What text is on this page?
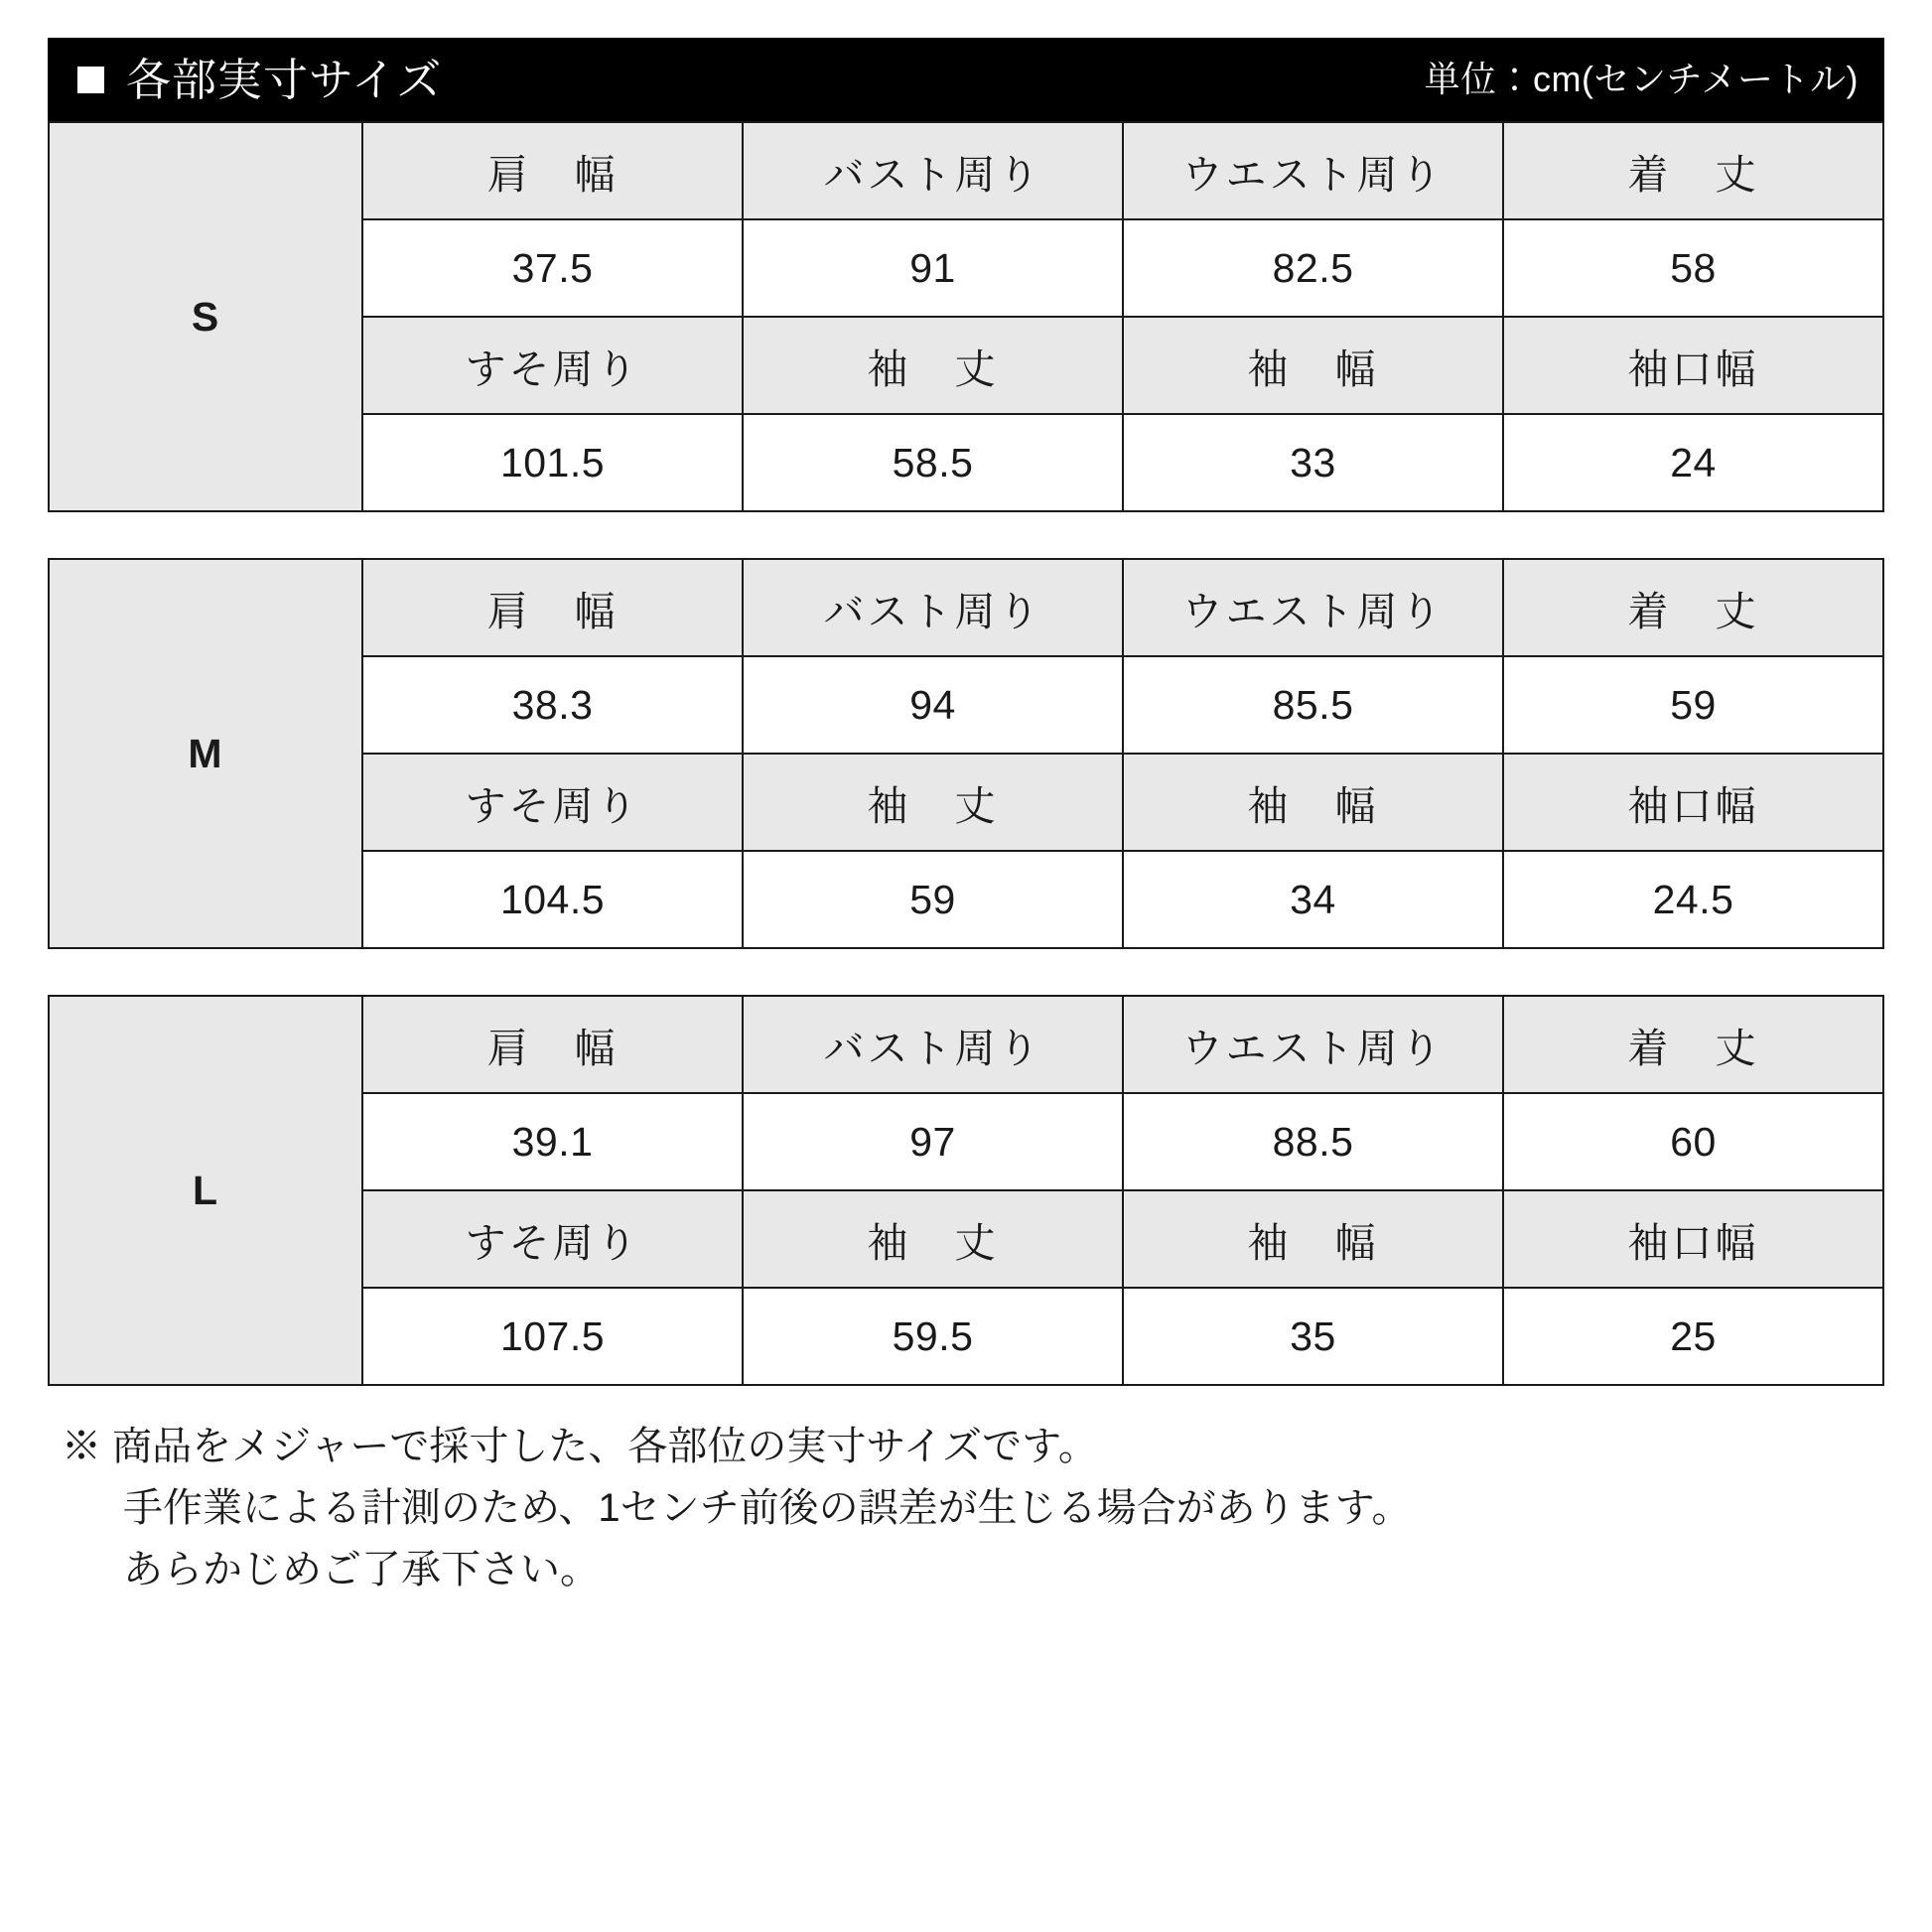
各部実寸サイズ	単位：cm(センチメートル)
S	肩　幅	バスト周り	ウエスト周り	着　丈
	37.5	91	82.5	58
	すそ周り	袖　丈	袖　幅	袖口幅
	101.5	58.5	33	24
M	肩　幅	バスト周り	ウエスト周り	着　丈
	38.3	94	85.5	59
	すそ周り	袖　丈	袖　幅	袖口幅
	104.5	59	34	24.5
L	肩　幅	バスト周り	ウエスト周り	着　丈
	39.1	97	88.5	60
	すそ周り	袖　丈	袖　幅	袖口幅
	107.5	59.5	35	25
※ 商品をメジャーで採寸した、各部位の実寸サイズです。
手作業による計測のため、1センチ前後の誤差が生じる場合があります。
あらかじめご了承下さい。
